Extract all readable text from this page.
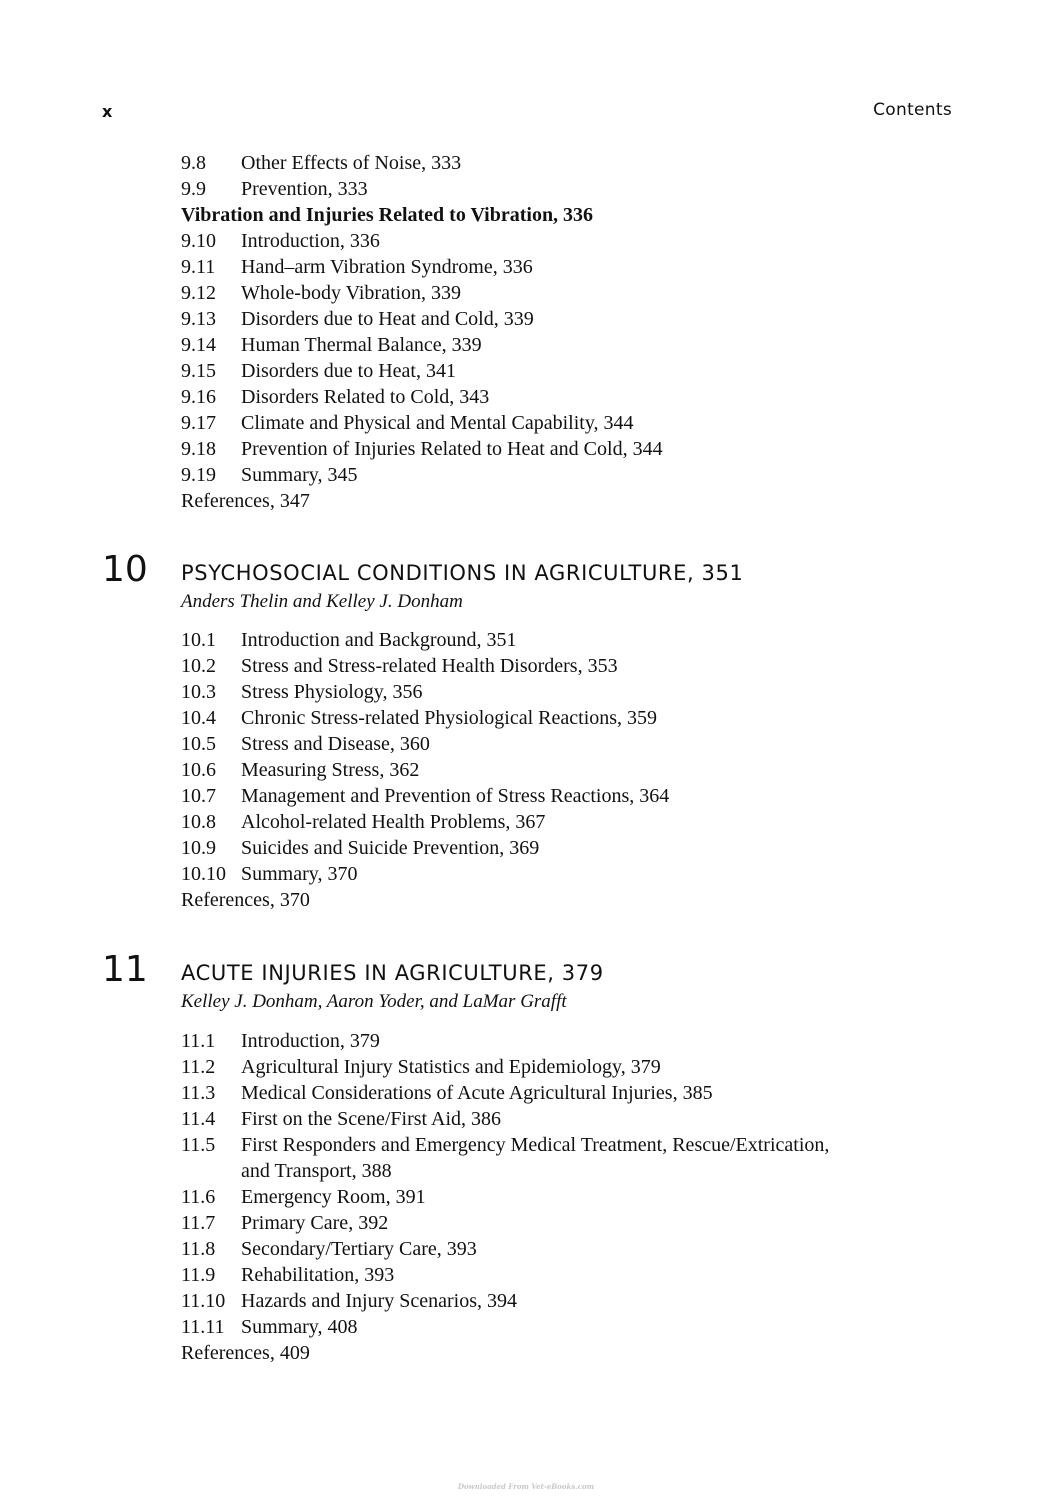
x	Contents
9.8 Other Effects of Noise, 333
9.9 Prevention, 333
Vibration and Injuries Related to Vibration, 336
9.10 Introduction, 336
9.11 Hand–arm Vibration Syndrome, 336
9.12 Whole-body Vibration, 339
9.13 Disorders due to Heat and Cold, 339
9.14 Human Thermal Balance, 339
9.15 Disorders due to Heat, 341
9.16 Disorders Related to Cold, 343
9.17 Climate and Physical and Mental Capability, 344
9.18 Prevention of Injuries Related to Heat and Cold, 344
9.19 Summary, 345
References, 347
10 PSYCHOSOCIAL CONDITIONS IN AGRICULTURE, 351
Anders Thelin and Kelley J. Donham
10.1 Introduction and Background, 351
10.2 Stress and Stress-related Health Disorders, 353
10.3 Stress Physiology, 356
10.4 Chronic Stress-related Physiological Reactions, 359
10.5 Stress and Disease, 360
10.6 Measuring Stress, 362
10.7 Management and Prevention of Stress Reactions, 364
10.8 Alcohol-related Health Problems, 367
10.9 Suicides and Suicide Prevention, 369
10.10 Summary, 370
References, 370
11 ACUTE INJURIES IN AGRICULTURE, 379
Kelley J. Donham, Aaron Yoder, and LaMar Grafft
11.1 Introduction, 379
11.2 Agricultural Injury Statistics and Epidemiology, 379
11.3 Medical Considerations of Acute Agricultural Injuries, 385
11.4 First on the Scene/First Aid, 386
11.5 First Responders and Emergency Medical Treatment, Rescue/Extrication,
and Transport, 388
11.6 Emergency Room, 391
11.7 Primary Care, 392
11.8 Secondary/Tertiary Care, 393
11.9 Rehabilitation, 393
11.10 Hazards and Injury Scenarios, 394
11.11 Summary, 408
References, 409
Downloaded From Vet-eBooks.com
